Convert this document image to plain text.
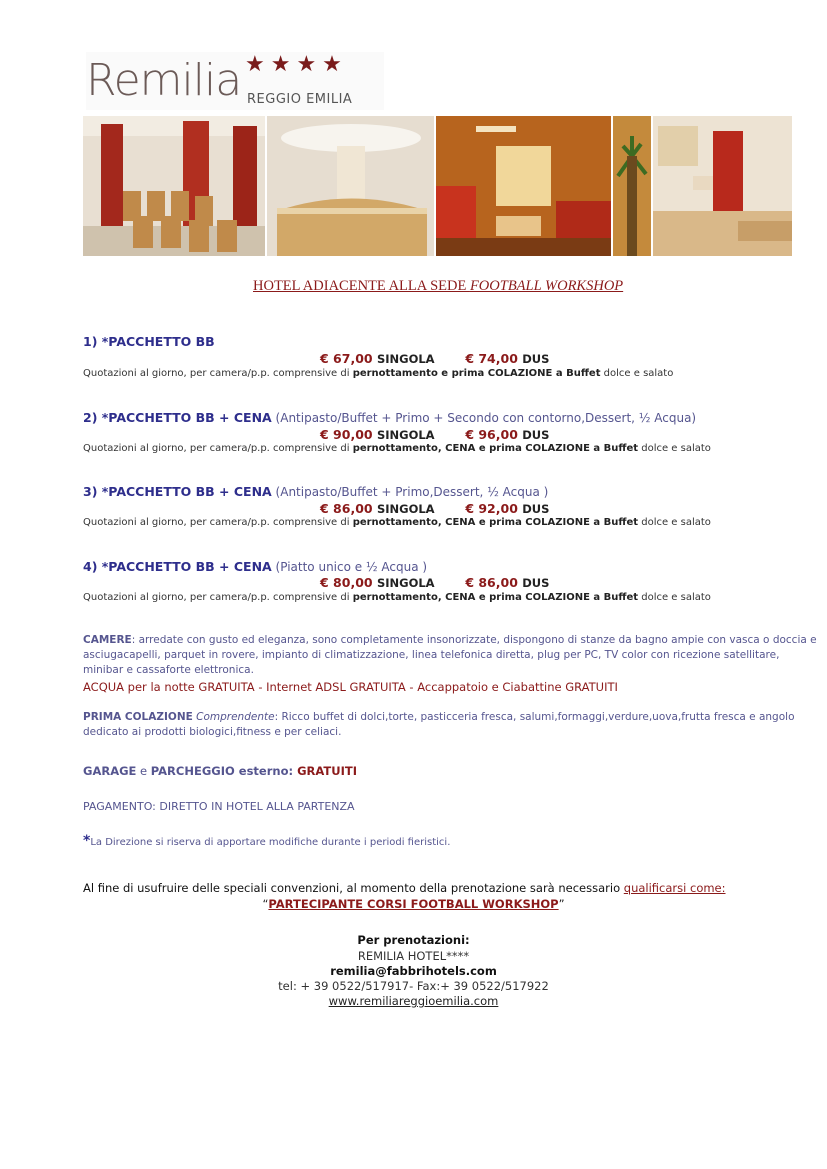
Remilia ★★★★
REGGIO EMILIA
HOTEL ADIACENTE ALLA SEDE FOOTBALL WORKSHOP
1) *PACCHETTO BB
€ 67,00 SINGOLA € 74,00 DUS
Quotazioni al giorno, per camera/p.p. comprensive di pernottamento e prima COLAZIONE a Buffet dolce e salato
2) *PACCHETTO BB + CENA (Antipasto/Buffet + Primo + Secondo con contorno,Dessert, ½ Acqua)
€ 90,00 SINGOLA € 96,00 DUS
Quotazioni al giorno, per camera/p.p. comprensive di pernottamento, CENA e prima COLAZIONE a Buffet dolce e salato
3) *PACCHETTO BB + CENA (Antipasto/Buffet + Primo,Dessert, ½ Acqua )
€ 86,00 SINGOLA € 92,00 DUS
Quotazioni al giorno, per camera/p.p. comprensive di pernottamento, CENA e prima COLAZIONE a Buffet dolce e salato
4) *PACCHETTO BB + CENA (Piatto unico e ½ Acqua )
€ 80,00 SINGOLA € 86,00 DUS
Quotazioni al giorno, per camera/p.p. comprensive di pernottamento, CENA e prima COLAZIONE a Buffet dolce e salato
CAMERE: arredate con gusto ed eleganza, sono completamente insonorizzate, dispongono di stanze da bagno ampie con vasca o doccia e asciugacapelli, parquet in rovere, impianto di climatizzazione, linea telefonica diretta, plug per PC, TV color con ricezione satellitare, minibar e cassaforte elettronica.
ACQUA per la notte GRATUITA - Internet ADSL GRATUITA - Accappatoio e Ciabattine GRATUITI
PRIMA COLAZIONE Comprendente: Ricco buffet di dolci,torte, pasticceria fresca, salumi,formaggi,verdure,uova,frutta fresca e angolo dedicato ai prodotti biologici,fitness e per celiaci.
GARAGE e PARCHEGGIO esterno: GRATUITI
PAGAMENTO: DIRETTO IN HOTEL ALLA PARTENZA
*La Direzione si riserva di apportare modifiche durante i periodi fieristici.
Al fine di usufruire delle speciali convenzioni, al momento della prenotazione sarà necessario qualificarsi come:
“PARTECIPANTE CORSI FOOTBALL WORKSHOP”
Per prenotazioni:
REMILIA HOTEL****
remilia@fabbrihotels.com
tel: + 39 0522/517917- Fax:+ 39 0522/517922
www.remiliareggioemilia.com
